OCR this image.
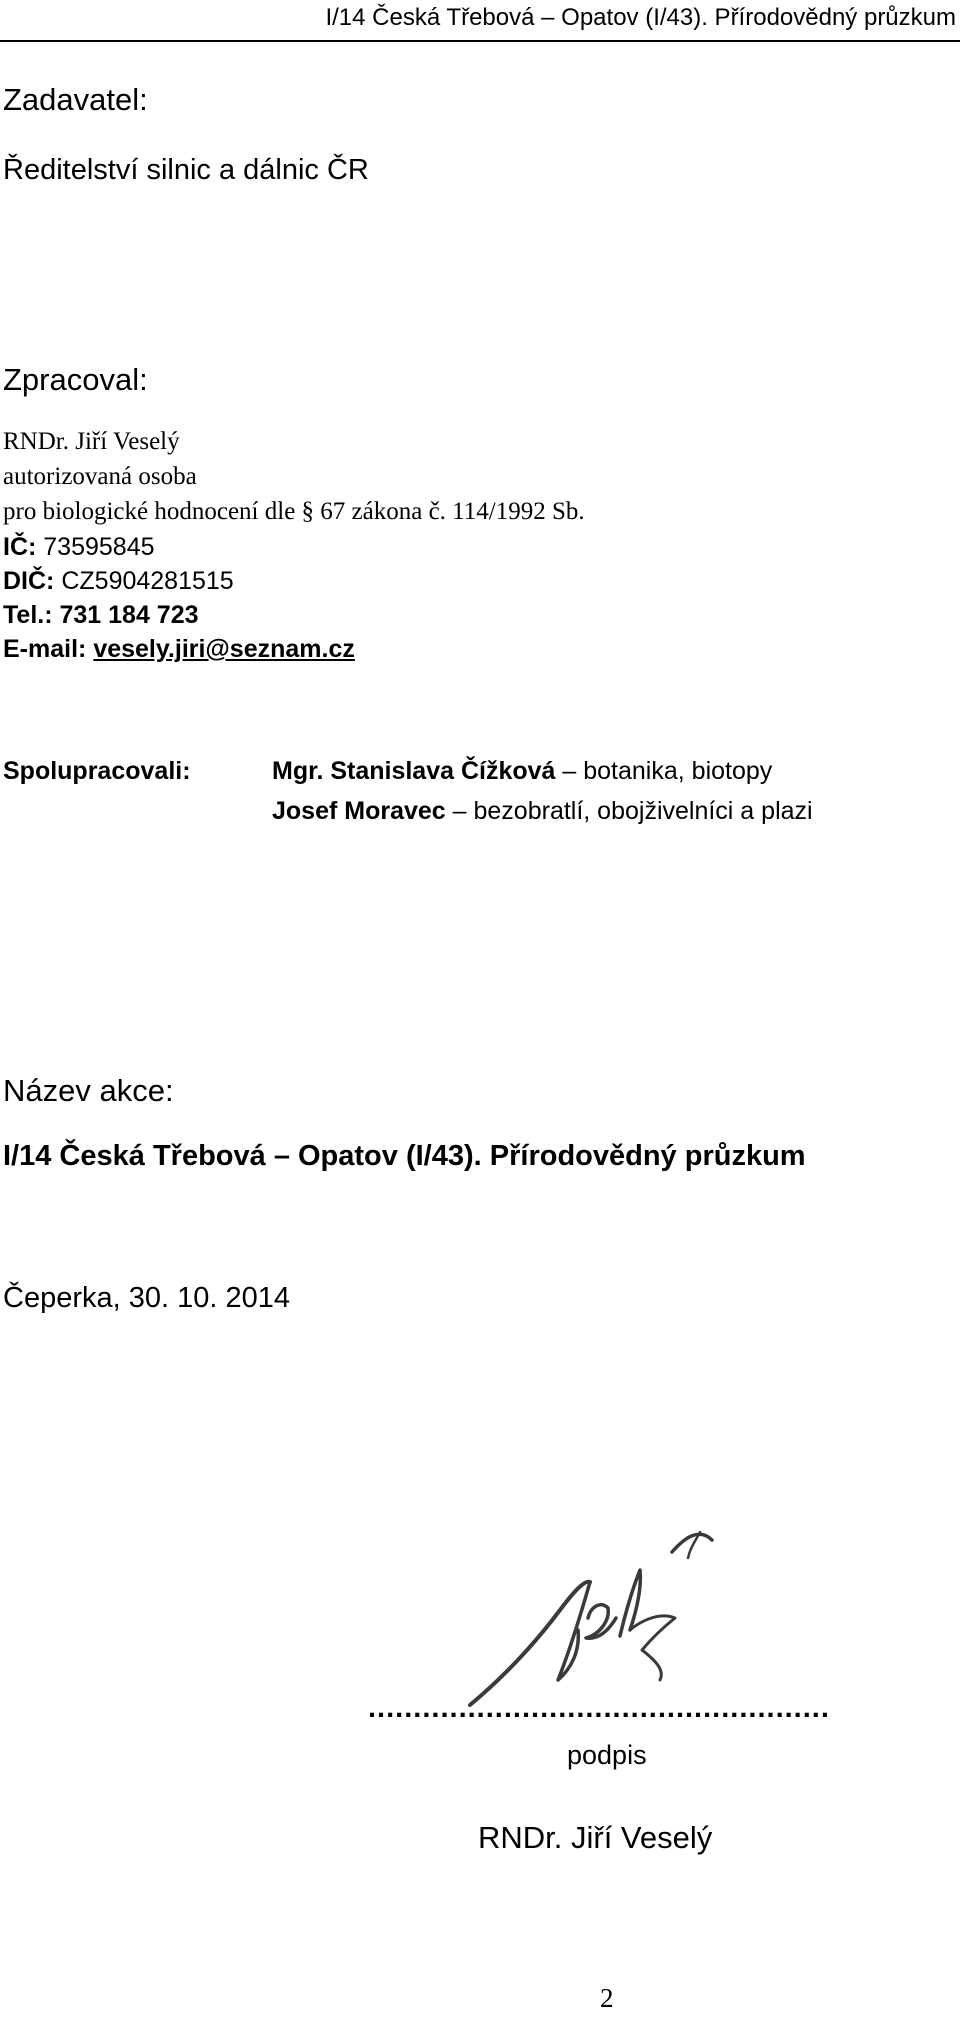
I/14 Česká Třebová – Opatov (I/43). Přírodovědný průzkum
Zadavatel:
Ředitelství silnic a dálnic ČR
Zpracoval:
RNDr. Jiří Veselý
autorizovaná osoba
pro biologické hodnocení dle § 67 zákona č. 114/1992 Sb.
IČ: 73595845
DIČ: CZ5904281515
Tel.: 731 184 723
E-mail: vesely.jiri@seznam.cz
Spolupracovali:	Mgr. Stanislava Čížková – botanika, biotopy
Josef Moravec – bezobratlí, obojživelníci a plazi
Název akce:
I/14 Česká Třebová – Opatov (I/43). Přírodovědný průzkum
Čeperka, 30. 10. 2014
...................................................
podpis
RNDr. Jiří Veselý
2
